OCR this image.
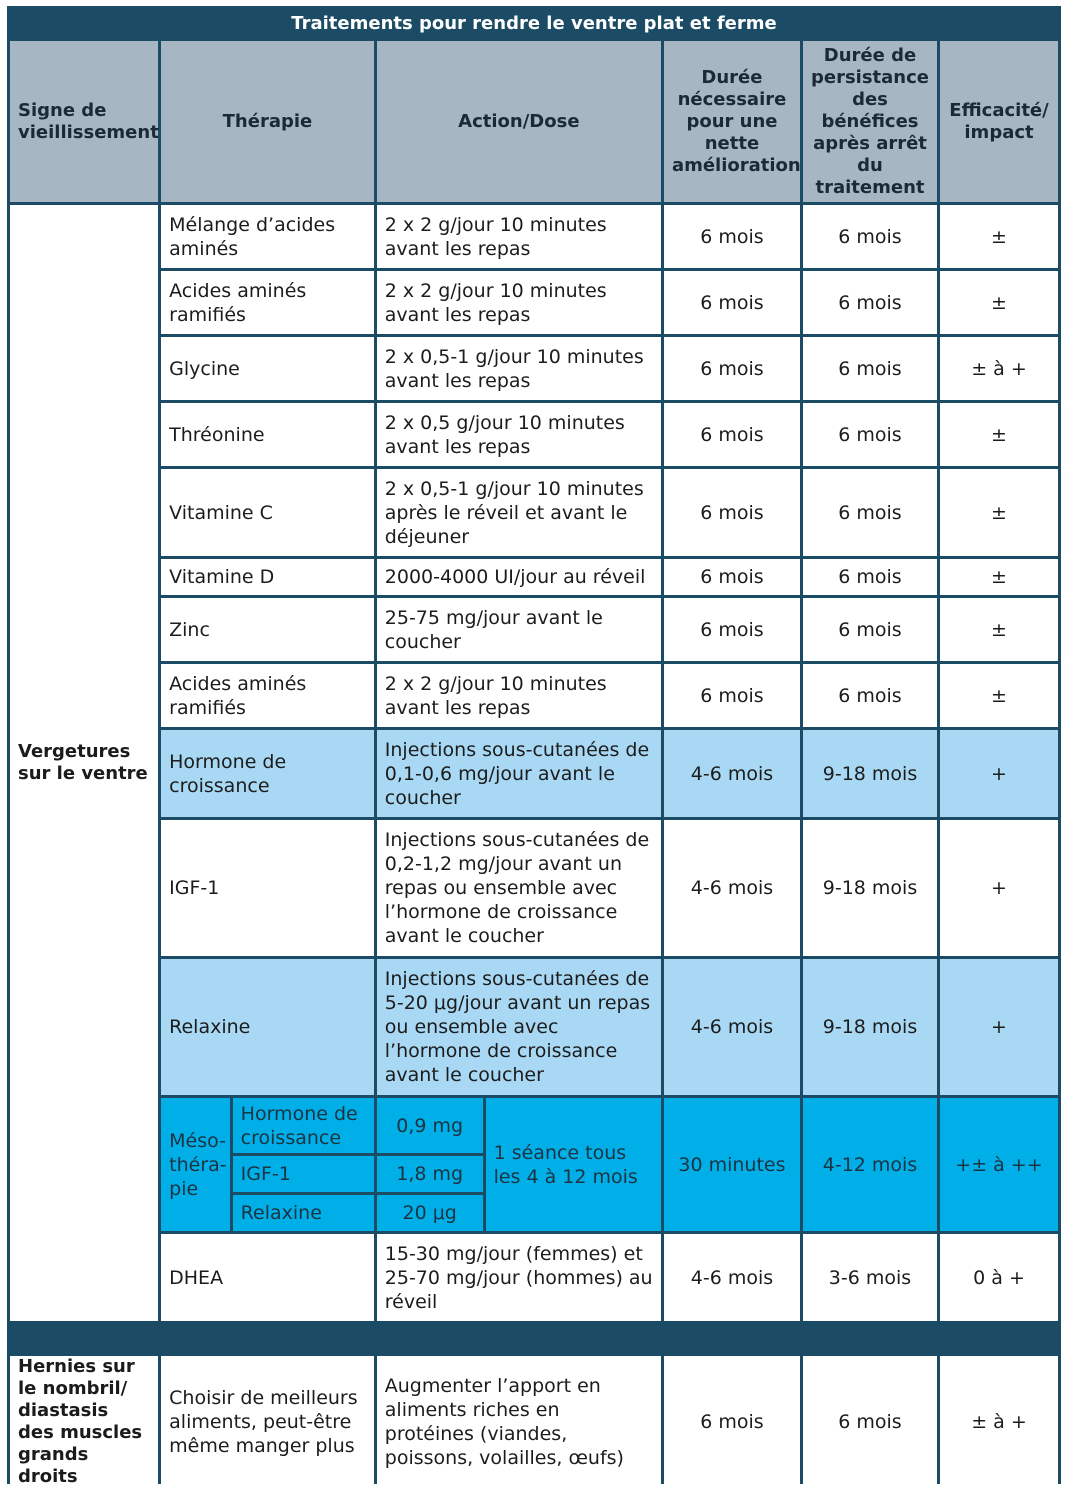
Traitements pour rendre le ventre plat et ferme							
Signe de vieillissement	Thérapie		Action/Dose		Durée nécessaire pour une nette amélioration	Durée de persistance des bénéfices après arrêt du traitement	Efficacité/ impact
Vergetures sur le ventre	Mélange d’acides aminés		2 x 2 g/jour 10 minutes avant les repas		6 mois	6 mois	±
	Acides aminés ramifiés		2 x 2 g/jour 10 minutes avant les repas		6 mois	6 mois	±
	Glycine		2 x 0,5-1 g/jour 10 minutes avant les repas		6 mois	6 mois	± à +
	Thréonine		2 x 0,5 g/jour 10 minutes avant les repas		6 mois	6 mois	±
	Vitamine C		2 x 0,5-1 g/jour 10 minutes après le réveil et avant le déjeuner		6 mois	6 mois	±
	Vitamine D		2000-4000 UI/jour au réveil		6 mois	6 mois	±
	Zinc		25-75 mg/jour avant le coucher		6 mois	6 mois	±
	Acides aminés ramifiés		2 x 2 g/jour 10 minutes avant les repas		6 mois	6 mois	±
	Hormone de croissance		Injections sous-cutanées de 0,1-0,6 mg/jour avant le coucher		4-6 mois	9-18 mois	+
	IGF-1		Injections sous-cutanées de 0,2-1,2 mg/jour avant un repas ou ensemble avec l’hormone de croissance avant le coucher		4-6 mois	9-18 mois	+
	Relaxine		Injections sous-cutanées de 5-20 μg/jour avant un repas ou ensemble avec l’hormone de croissance avant le coucher		4-6 mois	9-18 mois	+
	Méso-théra-pie	Hormone de croissance	0,9 mg	1 séance tous les 4 à 12 mois	30 minutes	4-12 mois	+± à ++
		IGF-1	1,8 mg				
		Relaxine	20 μg				
	DHEA		15-30 mg/jour (femmes) et 25-70 mg/jour (hommes) au réveil		4-6 mois	3-6 mois	0 à +

Hernies sur le nombril/ diastasis des muscles grands droits	Choisir de meilleurs aliments, peut-être même manger plus		Augmenter l’apport en aliments riches en protéines (viandes, poissons, volailles, œufs)		6 mois	6 mois	± à +
